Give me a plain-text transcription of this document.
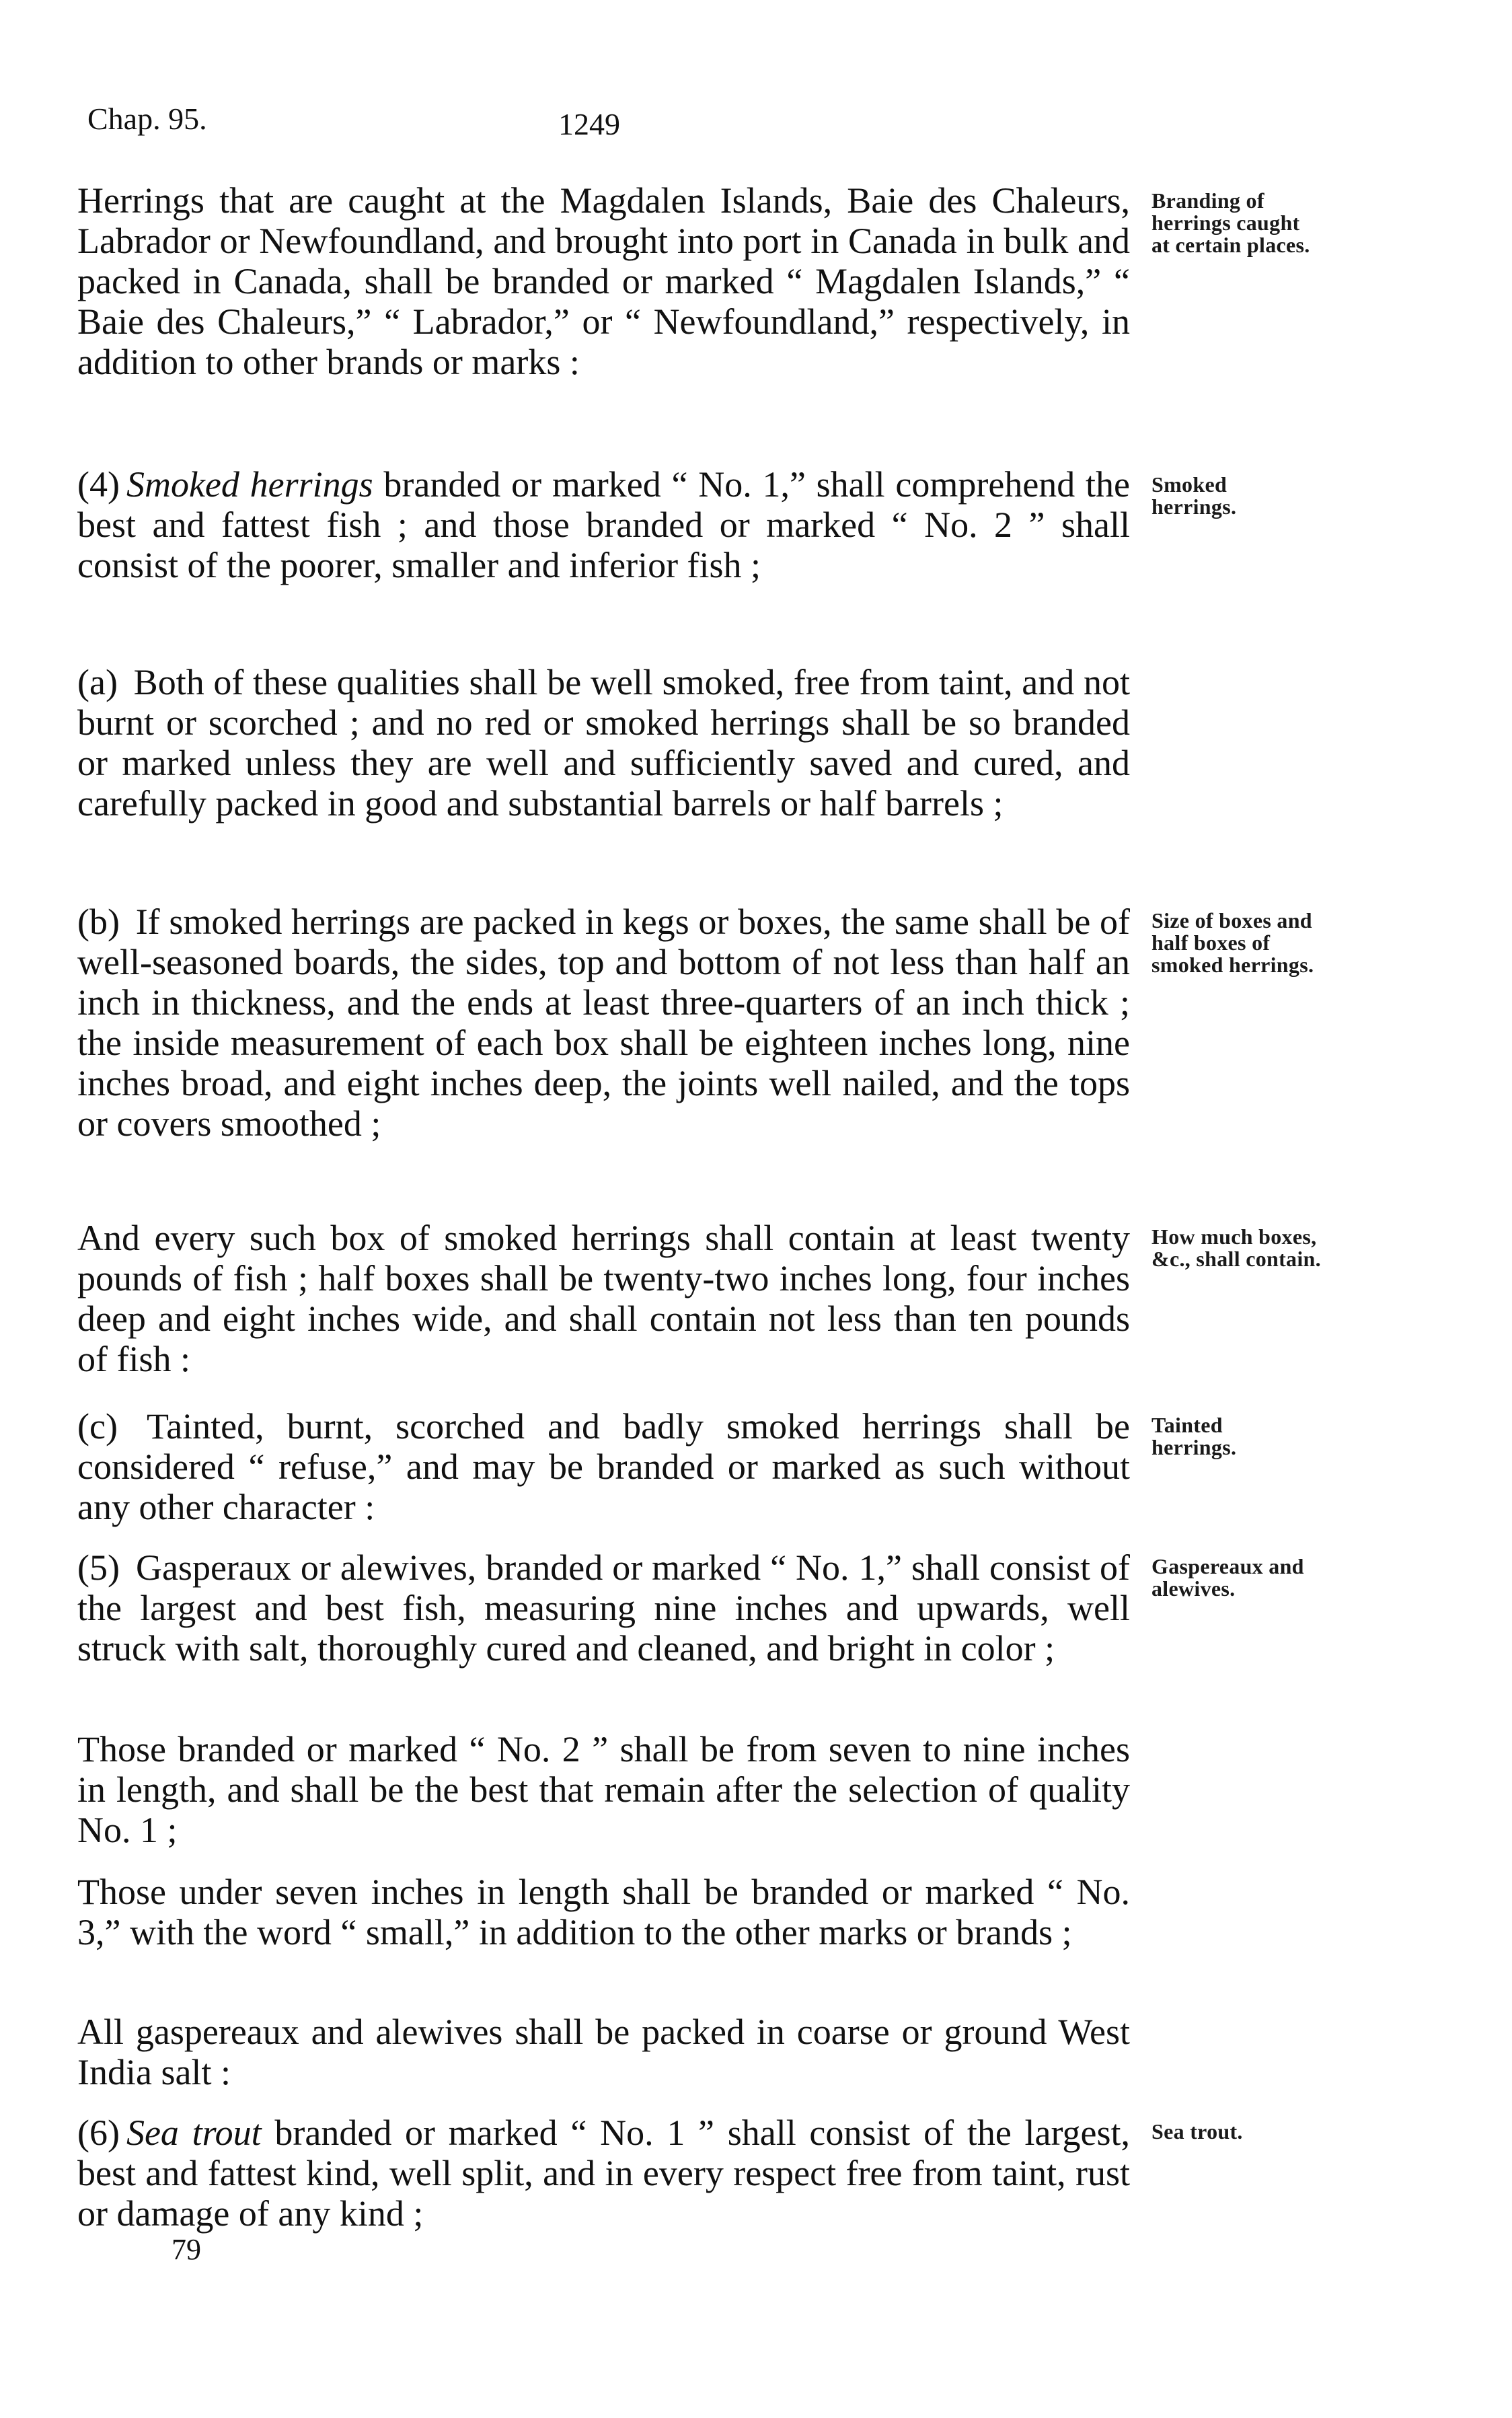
Chap. 95.	1249

Herrings that are caught at the Magdalen Islands, Baie des Chaleurs, Labrador or Newfoundland, and brought into port in Canada in bulk and packed in Canada, shall be branded or marked “ Magdalen Islands,” “ Baie des Chaleurs,” “ Labrador,” or “ Newfoundland,” respectively, in addition to other brands or marks :

(4) Smoked herrings branded or marked “ No. 1,” shall comprehend the best and fattest fish ; and those branded or marked “ No. 2 ” shall consist of the poorer, smaller and inferior fish ;

(a) Both of these qualities shall be well smoked, free from taint, and not burnt or scorched ; and no red or smoked herrings shall be so branded or marked unless they are well and sufficiently saved and cured, and carefully packed in good and substantial barrels or half barrels ;

(b) If smoked herrings are packed in kegs or boxes, the same shall be of well-seasoned boards, the sides, top and bottom of not less than half an inch in thickness, and the ends at least three-quarters of an inch thick ; the inside measurement of each box shall be eighteen inches long, nine inches broad, and eight inches deep, the joints well nailed, and the tops or covers smoothed ;

And every such box of smoked herrings shall contain at least twenty pounds of fish ; half boxes shall be twenty-two inches long, four inches deep and eight inches wide, and shall contain not less than ten pounds of fish :

(c) Tainted, burnt, scorched and badly smoked herrings shall be considered “ refuse,” and may be branded or marked as such without any other character :

(5) Gasperaux or alewives, branded or marked “ No. 1,” shall consist of the largest and best fish, measuring nine inches and upwards, well struck with salt, thoroughly cured and cleaned, and bright in color ;

Those branded or marked “ No. 2 ” shall be from seven to nine inches in length, and shall be the best that remain after the selection of quality No. 1 ;

Those under seven inches in length shall be branded or marked “ No. 3,” with the word “ small,” in addition to the other marks or brands ;

All gaspereaux and alewives shall be packed in coarse or ground West India salt :

(6) Sea trout branded or marked “ No. 1 ” shall consist of the largest, best and fattest kind, well split, and in every respect free from taint, rust or damage of any kind ;

Branding of herrings caught at certain places.
Smoked herrings.
Size of boxes and half boxes of smoked herrings.
How much boxes, &c., shall contain.
Tainted herrings.
Gaspereaux and alewives.
Sea trout.
79
